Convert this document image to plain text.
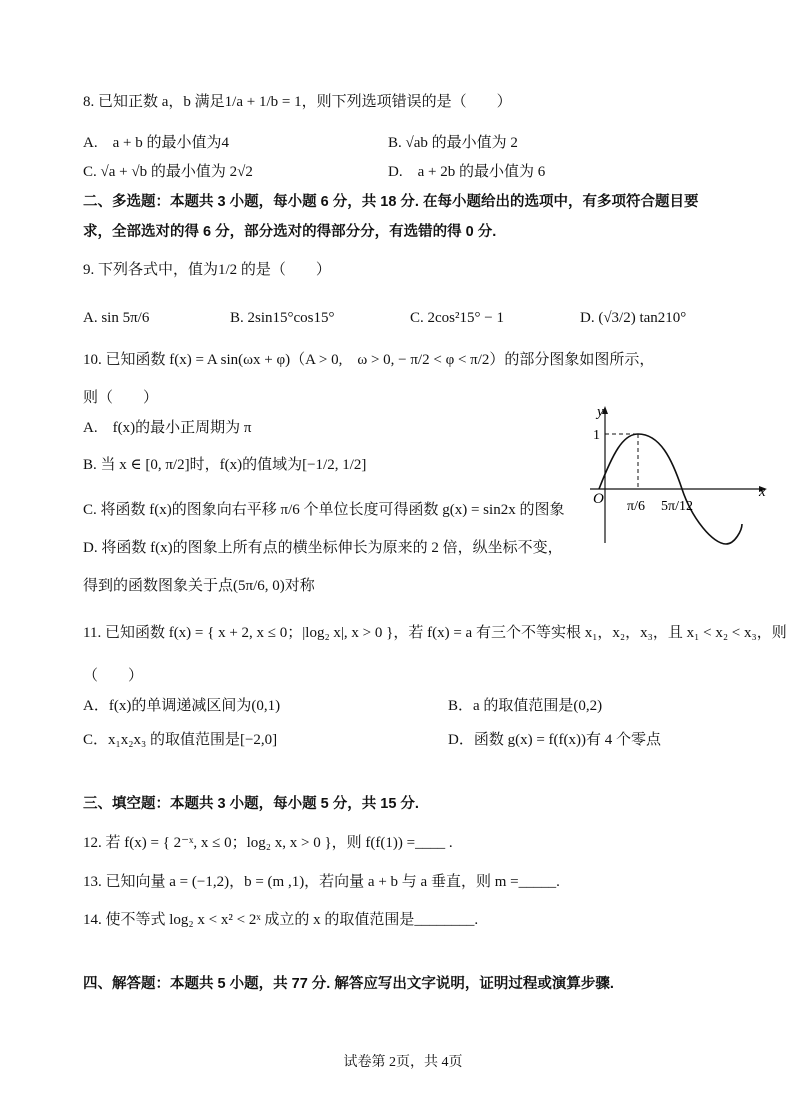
8. 已知正数 a，b 满足1/a + 1/b = 1，则下列选项错误的是（　　）
A.　a + b 的最小值为4	B. √ab 的最小值为 2
C. √a + √b 的最小值为 2√2	D.　a + 2b 的最小值为 6
二、多选题：本题共 3 小题，每小题 6 分，共 18 分. 在每小题给出的选项中，有多项符合题目要
求，全部选对的得 6 分，部分选对的得部分分，有选错的得 0 分.
9. 下列各式中，值为1/2 的是（　　）
A. sin 5π/6	B. 2sin15°cos15°	C. 2cos²15° − 1	D. (√3/2) tan210°
10. 已知函数 f(x) = A sin(ωx + φ)（A > 0,　ω > 0, − π/2 < φ < π/2）的部分图象如图所示，
则（　　）
A.　f(x)的最小正周期为 π
B. 当 x ∈ [0, π/2]时，f(x)的值域为[−1/2, 1/2]
C. 将函数 f(x)的图象向右平移 π/6 个单位长度可得函数 g(x) = sin2x 的图象
D. 将函数 f(x)的图象上所有点的横坐标伸长为原来的 2 倍，纵坐标不变，
得到的函数图象关于点(5π/6, 0)对称
y
x
O
1
π/6 5π/12
11. 已知函数 f(x) = { x + 2, x ≤ 0；|log₂ x|, x > 0 }，若 f(x) = a 有三个不等实根 x₁，x₂，x₃，且 x₁ < x₂ < x₃，则
（　　）
A．f(x)的单调递减区间为(0,1)	B．a 的取值范围是(0,2)
C．x₁x₂x₃ 的取值范围是[−2,0]	D．函数 g(x) = f(f(x))有 4 个零点
三、填空题：本题共 3 小题，每小题 5 分，共 15 分.
12. 若 f(x) = { 2⁻ˣ, x ≤ 0；log₂ x, x > 0 }，则 f(f(1)) =____ .
13. 已知向量 a = (−1,2)，b = (m ,1)，若向量 a + b 与 a 垂直，则 m =_____.
14. 使不等式 log₂ x < x² < 2ˣ 成立的 x 的取值范围是________.
四、解答题：本题共 5 小题，共 77 分. 解答应写出文字说明，证明过程或演算步骤.
试卷第 2页，共 4页
